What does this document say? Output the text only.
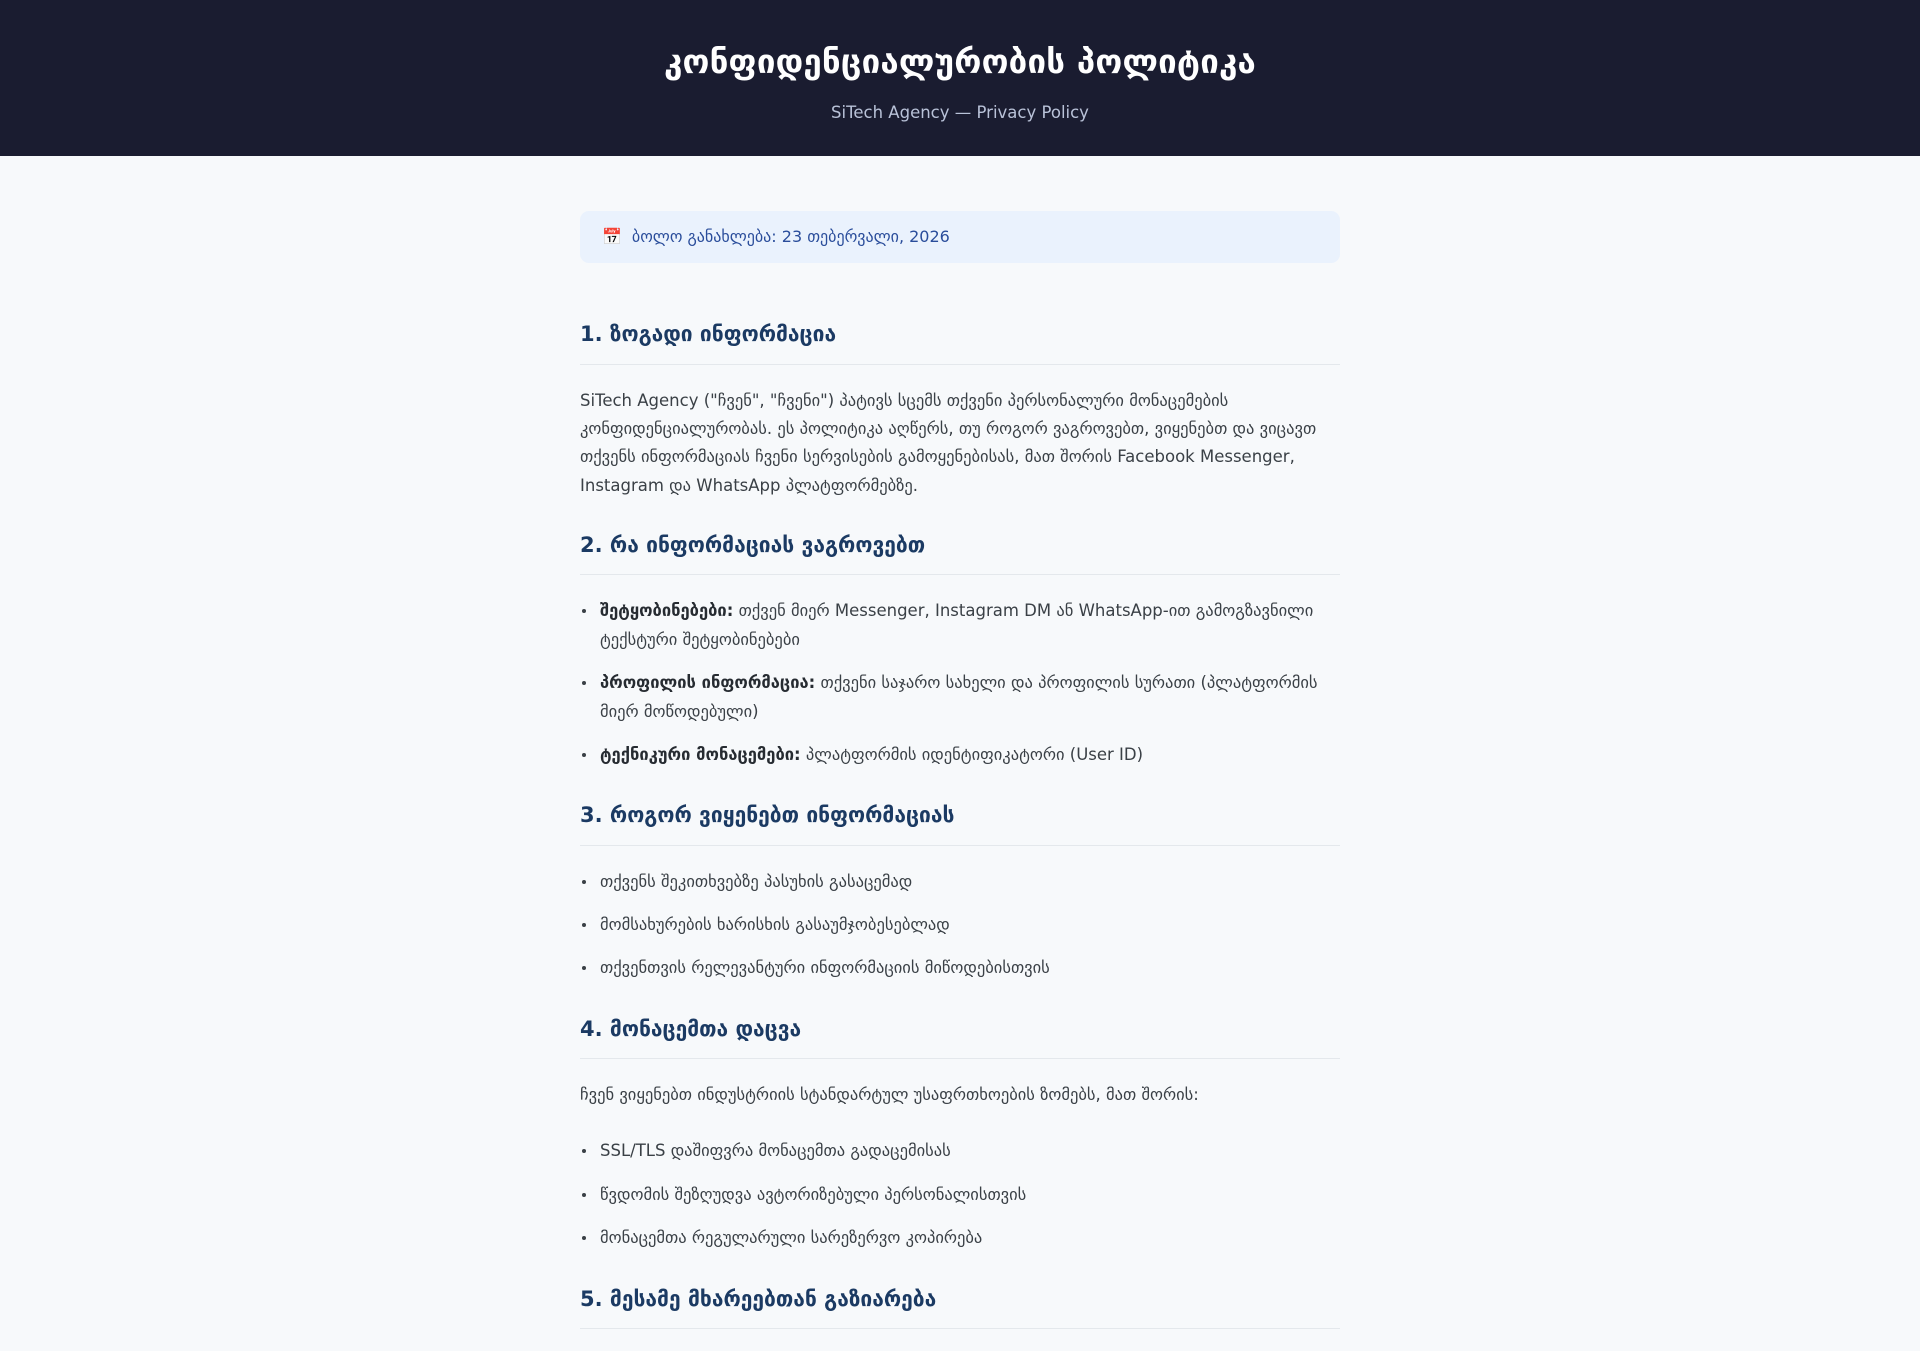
კონფიდენციალურობის პოლიტიკა

SiTech Agency — Privacy Policy

📅 ბოლო განახლება: 23 თებერვალი, 2026
1. ზოგადი ინფორმაცია

SiTech Agency ("ჩვენ", "ჩვენი") პატივს სცემს თქვენი პერსონალური მონაცემების კონფიდენციალურობას. ეს პოლიტიკა აღწერს, თუ როგორ ვაგროვებთ, ვიყენებთ და ვიცავთ თქვენს ინფორმაციას ჩვენი სერვისების გამოყენებისას, მათ შორის Facebook Messenger, Instagram და WhatsApp პლატფორმებზე.

2. რა ინფორმაციას ვაგროვებთ
შეტყობინებები: თქვენ მიერ Messenger, Instagram DM ან WhatsApp-ით გამოგზავნილი ტექსტური შეტყობინებები
პროფილის ინფორმაცია: თქვენი საჯარო სახელი და პროფილის სურათი (პლატფორმის მიერ მოწოდებული)
ტექნიკური მონაცემები: პლატფორმის იდენტიფიკატორი (User ID)
3. როგორ ვიყენებთ ინფორმაციას
თქვენს შეკითხვებზე პასუხის გასაცემად
მომსახურების ხარისხის გასაუმჯობესებლად
თქვენთვის რელევანტური ინფორმაციის მიწოდებისთვის
4. მონაცემთა დაცვა

ჩვენ ვიყენებთ ინდუსტრიის სტანდარტულ უსაფრთხოების ზომებს, მათ შორის:

SSL/TLS დაშიფვრა მონაცემთა გადაცემისას
წვდომის შეზღუდვა ავტორიზებული პერსონალისთვის
მონაცემთა რეგულარული სარეზერვო კოპირება
5. მესამე მხარეებთან გაზიარება
